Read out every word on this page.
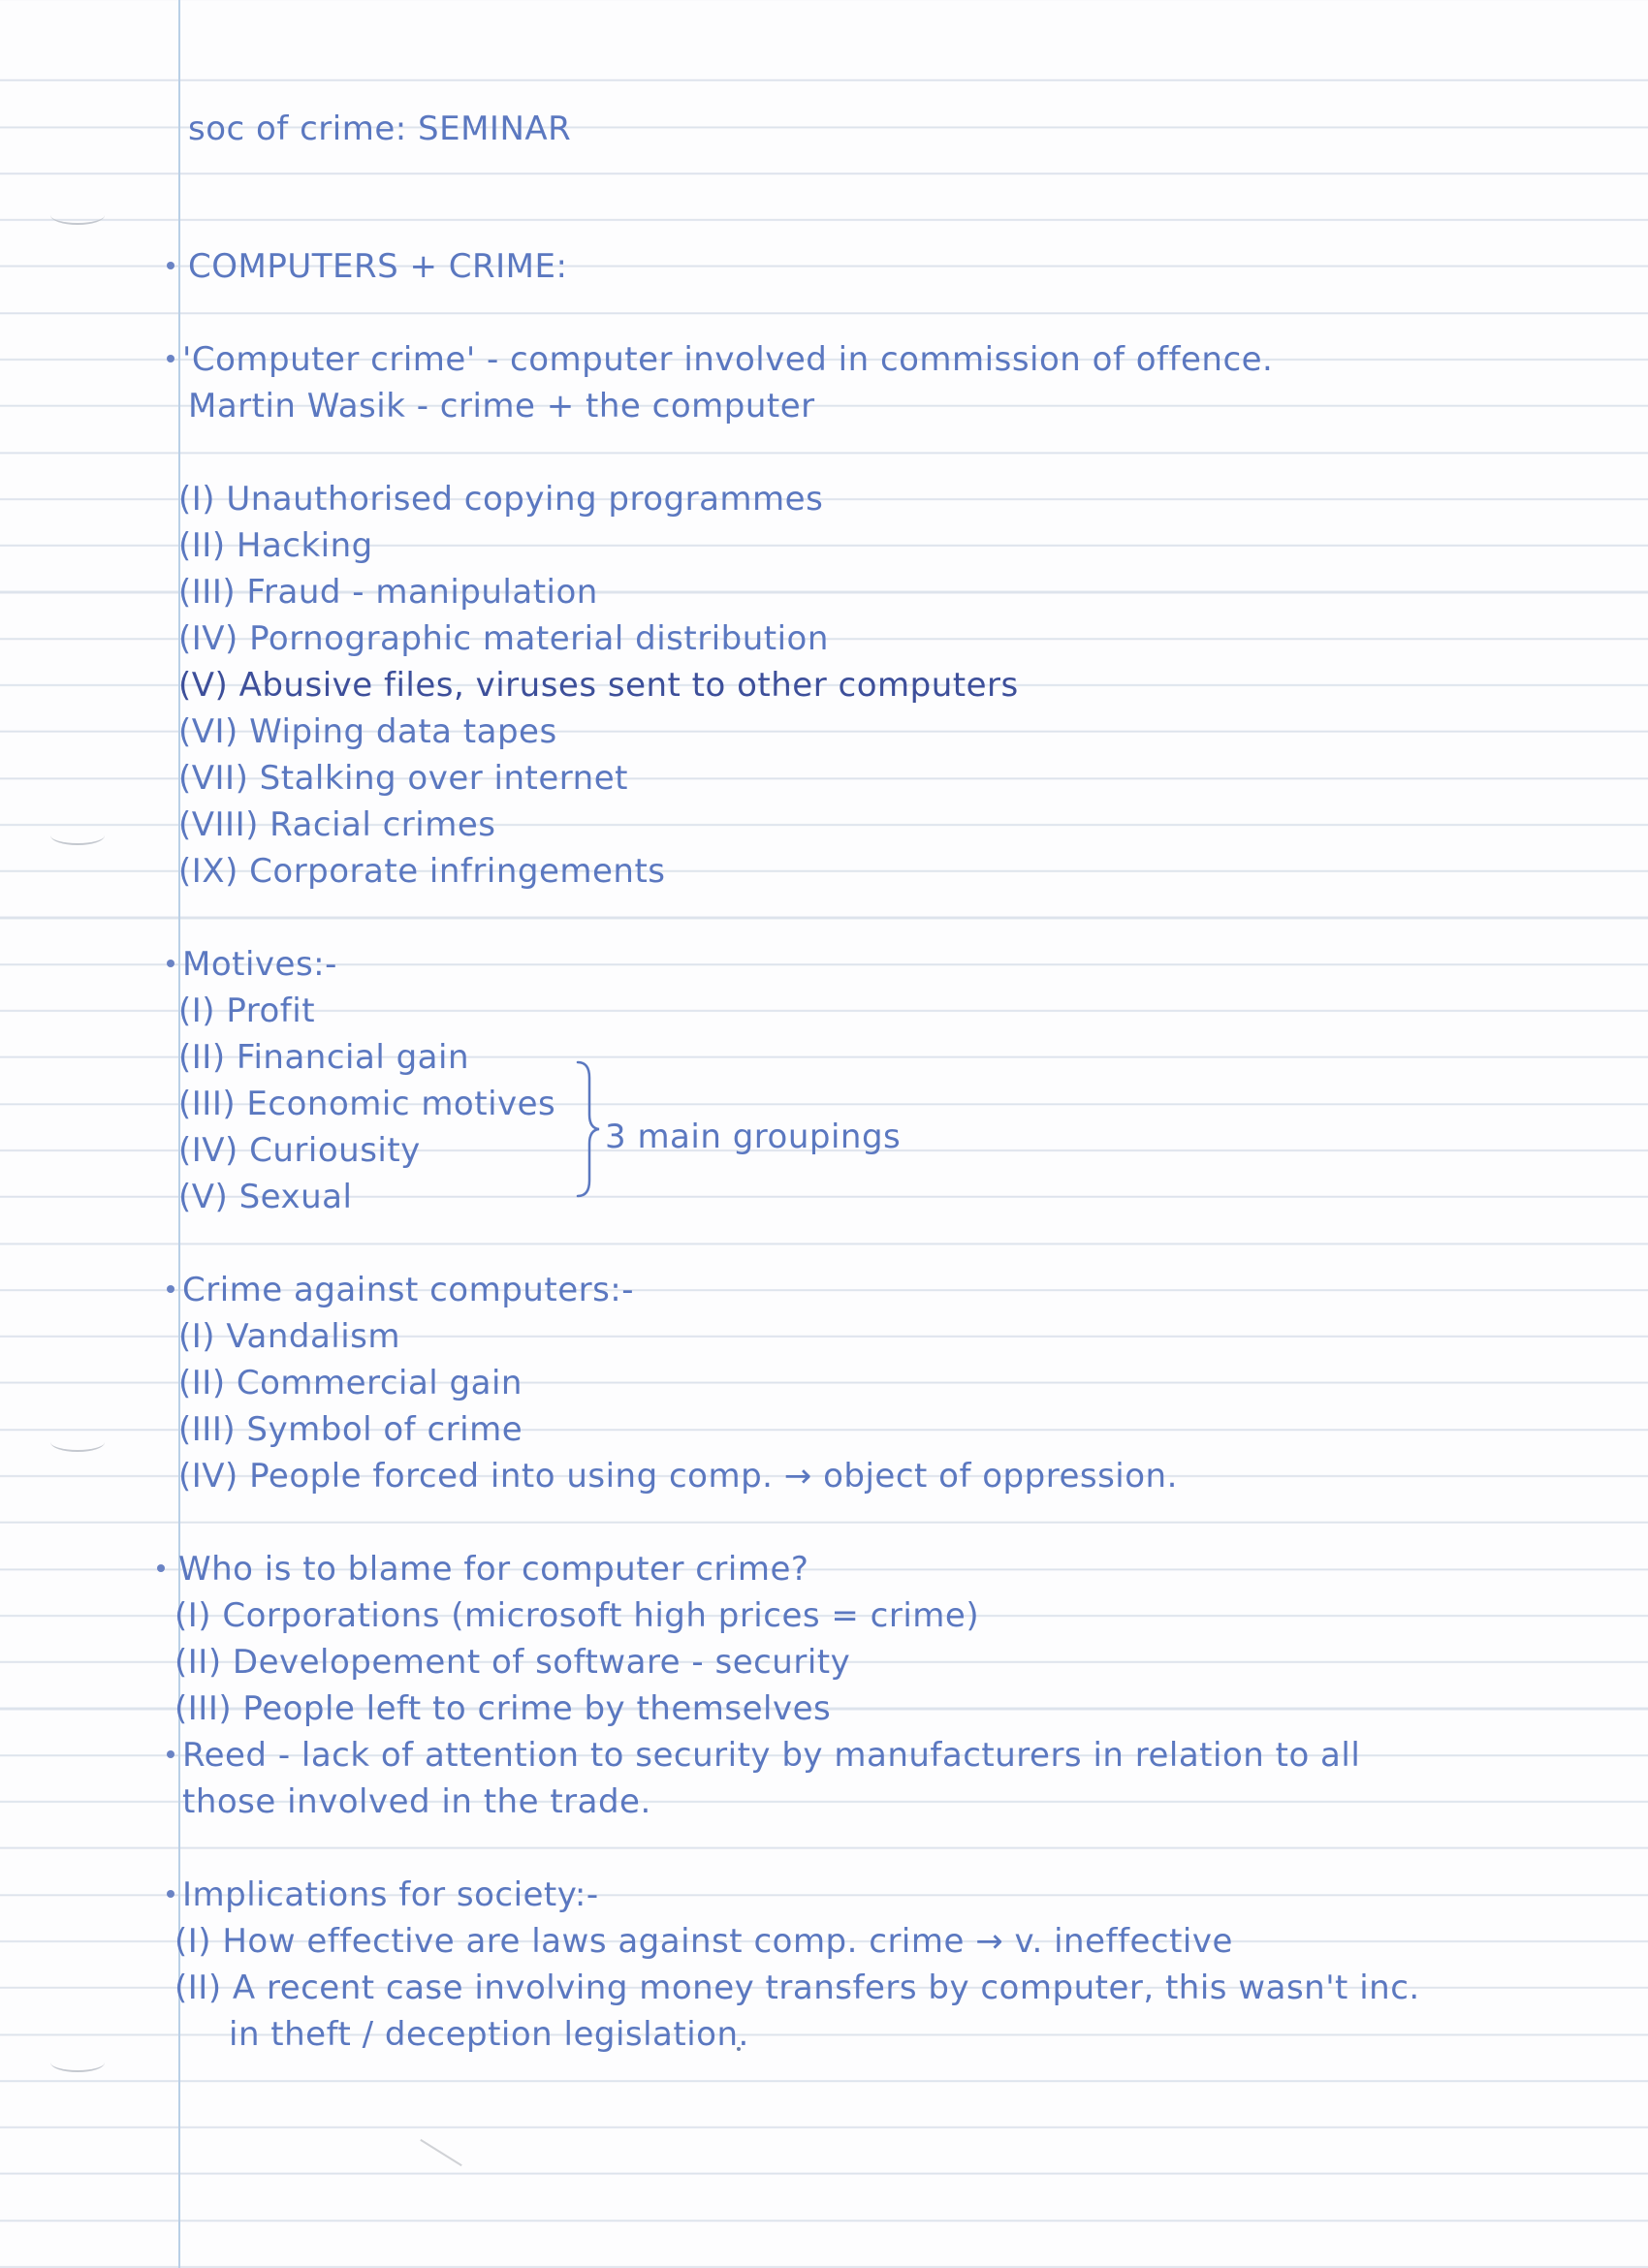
soc of crime: SEMINAR
COMPUTERS + CRIME:
'Computer crime' - computer involved in commission of offence.
Martin Wasik - crime + the computer
(I) Unauthorised copying programmes
(II) Hacking
(III) Fraud - manipulation
(IV) Pornographic material distribution
(V) Abusive files, viruses sent to other computers
(VI) Wiping data tapes
(VII) Stalking over internet
(VIII) Racial crimes
(IX) Corporate infringements
Motives:-
(I) Profit
(II) Financial gain
(III) Economic motives
(IV) Curiousity
(V) Sexual
3 main groupings
Crime against computers:-
(I) Vandalism
(II) Commercial gain
(III) Symbol of crime
(IV) People forced into using comp. → object of oppression.
Who is to blame for computer crime?
(I) Corporations (microsoft high prices = crime)
(II) Developement of software - security
(III) People left to crime by themselves
Reed - lack of attention to security by manufacturers in relation to all
those involved in the trade.
Implications for society:-
(I) How effective are laws against comp. crime → v. ineffective
(II) A recent case involving money transfers by computer, this wasn't inc.
in theft / deception legislation.
